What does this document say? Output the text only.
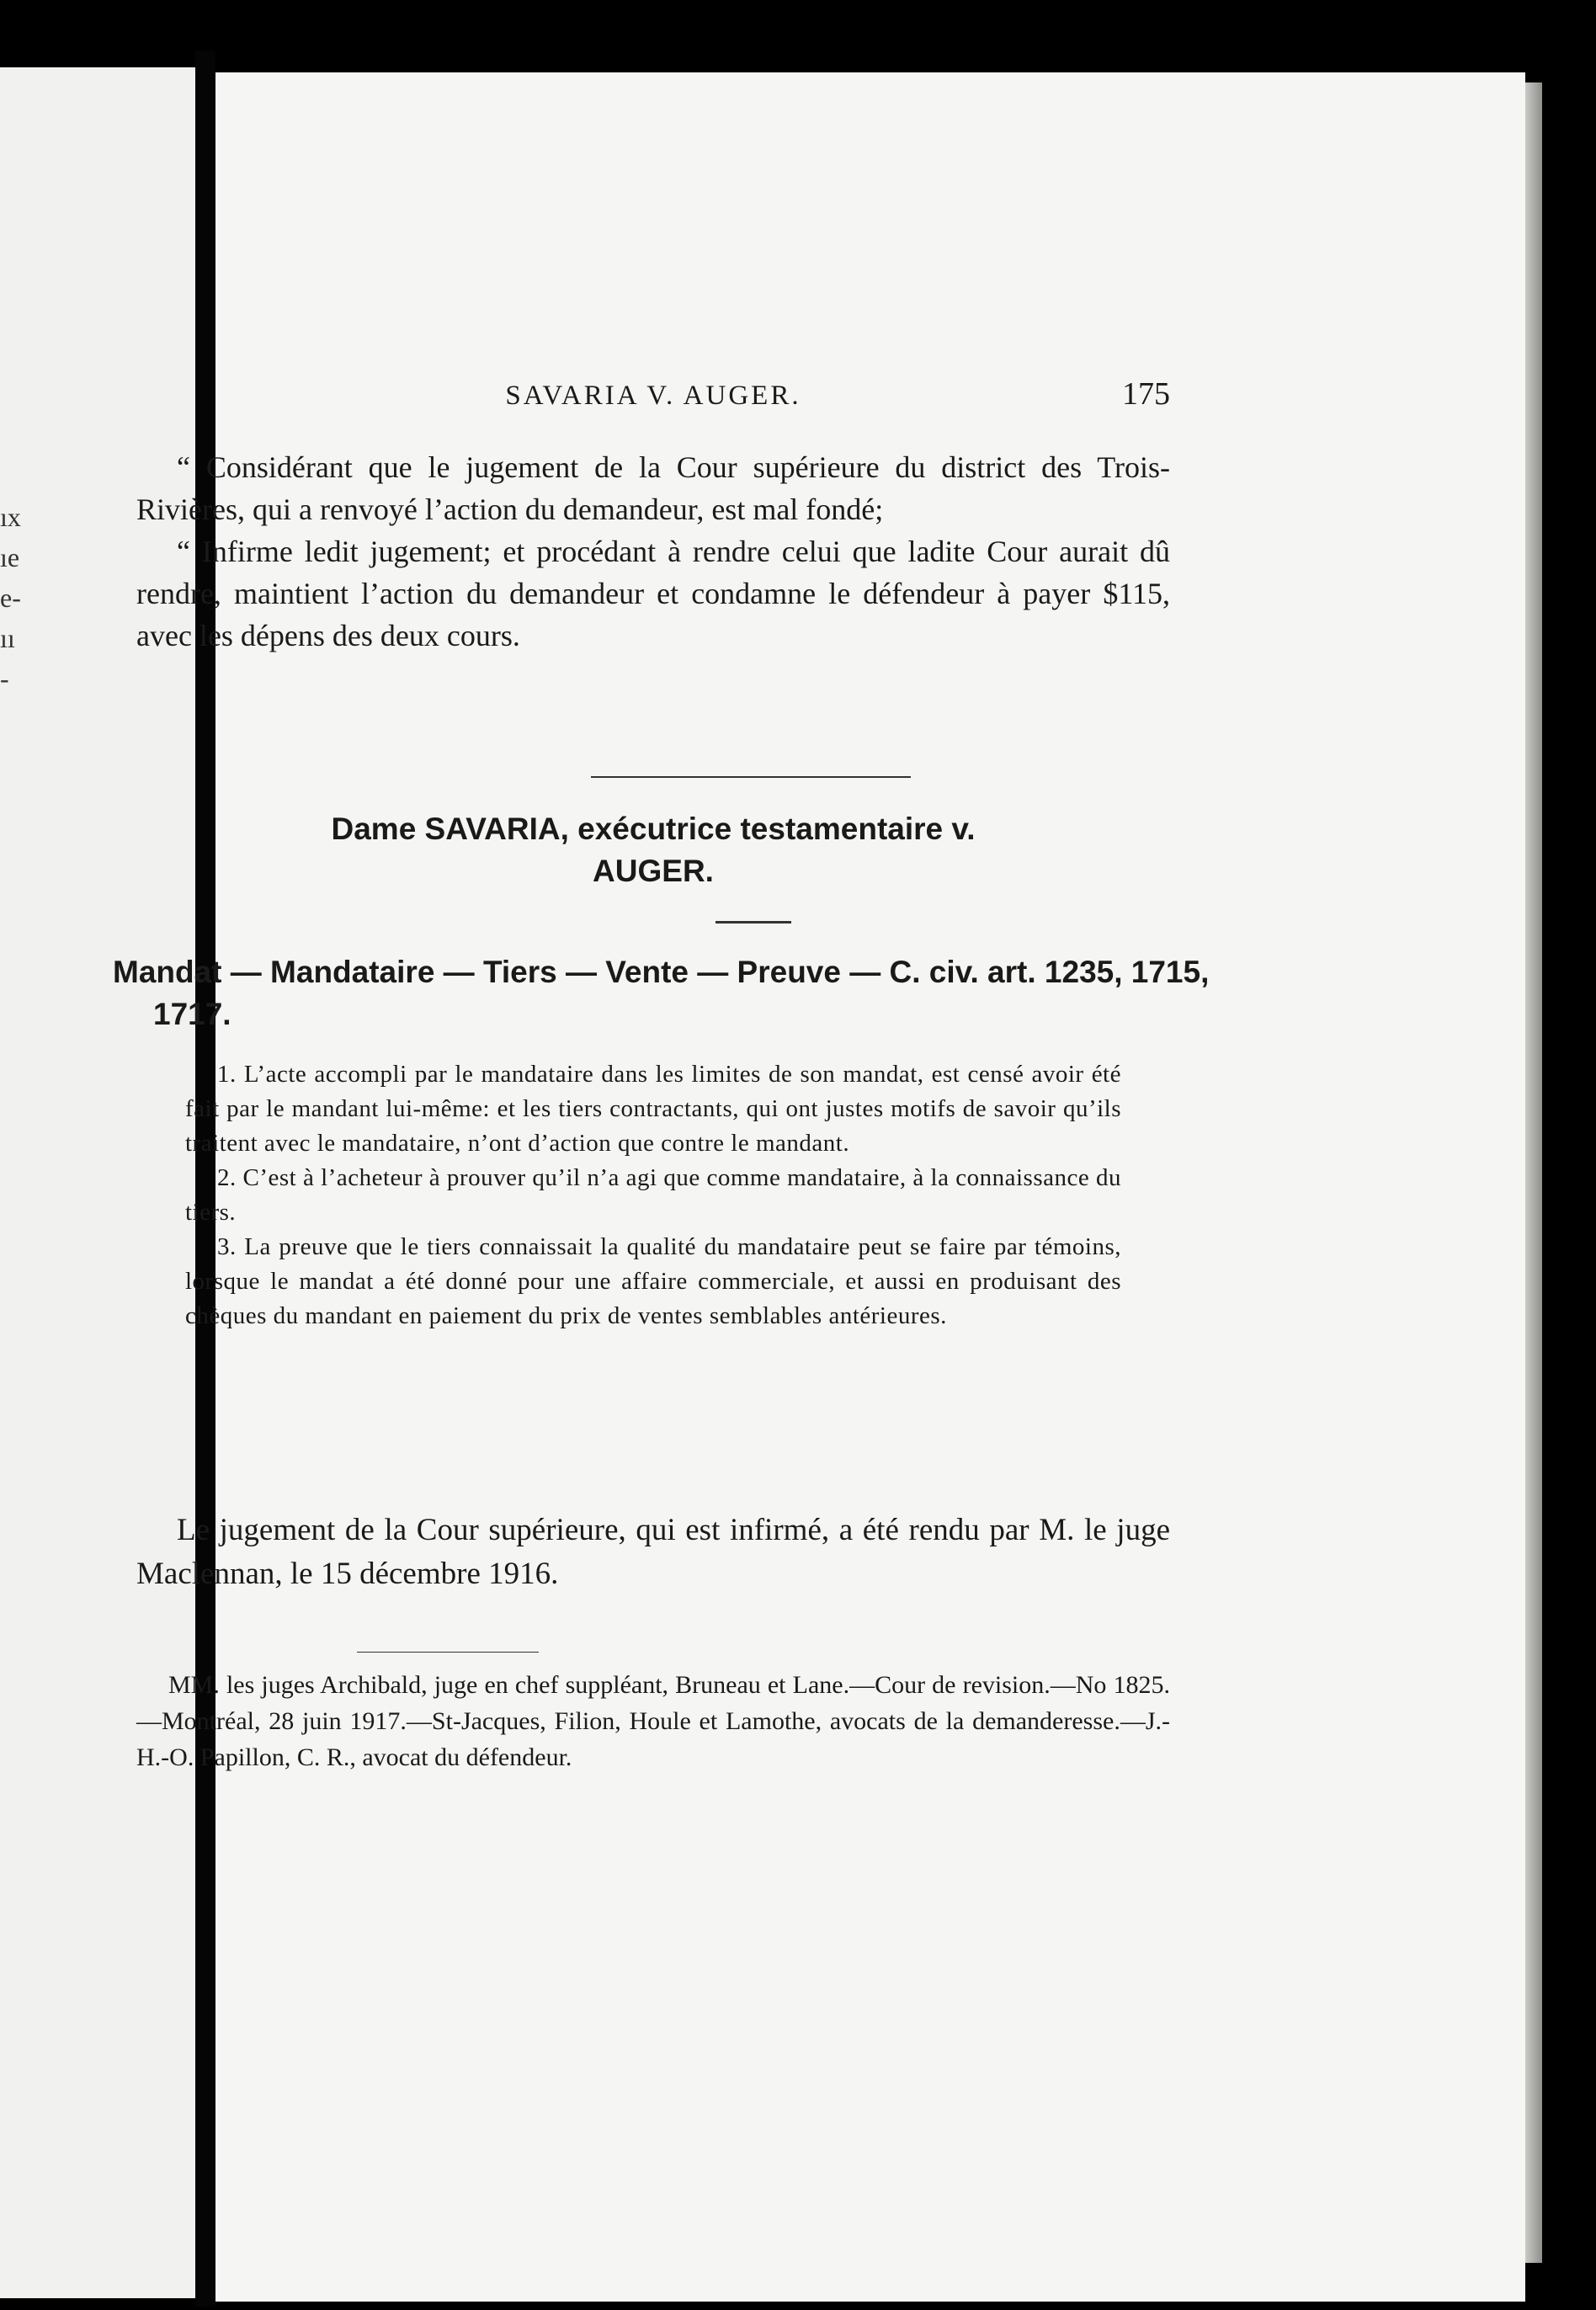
ıx
ıe
e-
ıı
-
SAVARIA V. AUGER.	175

“ Considérant que le jugement de la Cour supérieure du district des Trois-Rivières, qui a renvoyé l’action du demandeur, est mal fondé;

“ Infirme ledit jugement; et procédant à rendre celui que ladite Cour aurait dû rendre, maintient l’action du demandeur et condamne le défendeur à payer $115, avec les dépens des deux cours.

Dame SAVARIA, exécutrice testamentaire v.
AUGER.
Mandat — Mandataire — Tiers — Vente — Preuve — C. civ. art. 1235, 1715, 1717.

1. L’acte accompli par le mandataire dans les limites de son mandat, est censé avoir été fait par le mandant lui-même: et les tiers contractants, qui ont justes motifs de savoir qu’ils traitent avec le mandataire, n’ont d’action que contre le mandant.

2. C’est à l’acheteur à prouver qu’il n’a agi que comme mandataire, à la connaissance du tiers.

3. La preuve que le tiers connaissait la qualité du mandataire peut se faire par témoins, lorsque le mandat a été donné pour une affaire commerciale, et aussi en produisant des chèques du mandant en paiement du prix de ventes semblables antérieures.

Le jugement de la Cour supérieure, qui est infirmé, a été rendu par M. le juge Maclennan, le 15 décembre 1916.

MM. les juges Archibald, juge en chef suppléant, Bruneau et Lane.—Cour de revision.—No 1825.—Montréal, 28 juin 1917.—St-Jacques, Filion, Houle et Lamothe, avocats de la demanderesse.—J.-H.-O. Papillon, C. R., avocat du défendeur.
